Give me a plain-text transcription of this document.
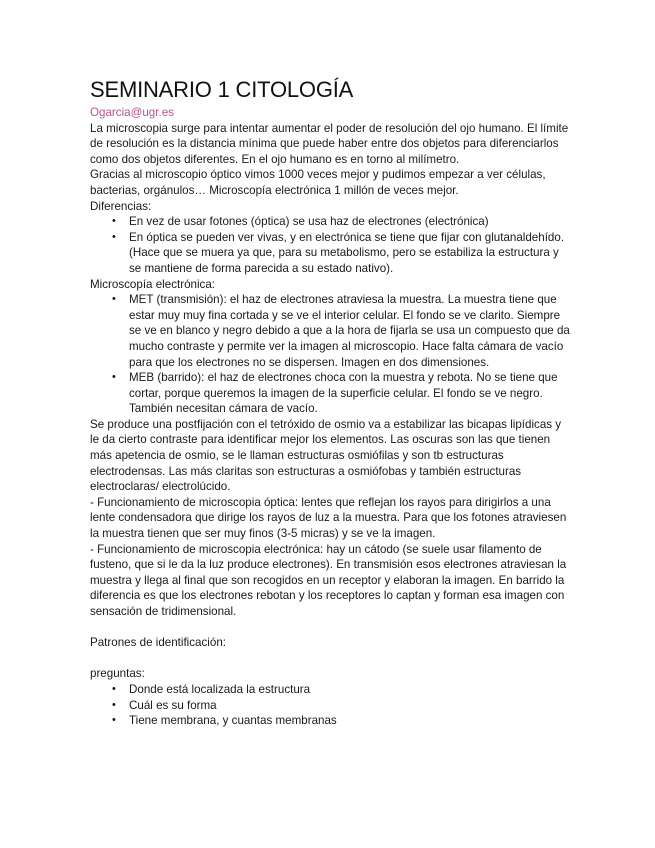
SEMINARIO 1 CITOLOGÍA

Ogarcia@ugr.es

La microscopia surge para intentar aumentar el poder de resolución del ojo humano. El límite de resolución es la distancia mínima que puede haber entre dos objetos para diferenciarlos como dos objetos diferentes. En el ojo humano es en torno al milímetro.

Gracias al microscopio óptico vimos 1000 veces mejor y pudimos empezar a ver células, bacterias, orgánulos… Microscopía electrónica 1 millón de veces mejor.

Diferencias:

• En vez de usar fotones (óptica) se usa haz de electrones (electrónica)
• En óptica se pueden ver vivas, y en electrónica se tiene que fijar con glutanaldehído. (Hace que se muera ya que, para su metabolismo, pero se estabiliza la estructura y se mantiene de forma parecida a su estado nativo).

Microscopía electrónica:

• MET (transmisión): el haz de electrones atraviesa la muestra. La muestra tiene que estar muy muy fina cortada y se ve el interior celular. El fondo se ve clarito. Siempre se ve en blanco y negro debido a que a la hora de fijarla se usa un compuesto que da mucho contraste y permite ver la imagen al microscopio. Hace falta cámara de vacío para que los electrones no se dispersen. Imagen en dos dimensiones.
• MEB (barrido): el haz de electrones choca con la muestra y rebota. No se tiene que cortar, porque queremos la imagen de la superficie celular. El fondo se ve negro. También necesitan cámara de vacío.

Se produce una postfijación con el tetróxido de osmio va a estabilizar las bicapas lipídicas y le da cierto contraste para identificar mejor los elementos. Las oscuras son las que tienen más apetencia de osmio, se le llaman estructuras osmiófilas y son tb estructuras electrodensas. Las más claritas son estructuras a osmiófobas y también estructuras electroclaras/ electrolúcido.

- Funcionamiento de microscopia óptica: lentes que reflejan los rayos para dirigirlos a una lente condensadora que dirige los rayos de luz a la muestra. Para que los fotones atraviesen la muestra tienen que ser muy finos (3-5 micras) y se ve la imagen.

- Funcionamiento de microscopia electrónica: hay un cátodo (se suele usar filamento de fusteno, que si le da la luz produce electrones). En transmisión esos electrones atraviesan la muestra y llega al final que son recogidos en un receptor y elaboran la imagen. En barrido la diferencia es que los electrones rebotan y los receptores lo captan y forman esa imagen con sensación de tridimensional.

Patrones de identificación:

preguntas:

• Donde está localizada la estructura
• Cuál es su forma
• Tiene membrana, y cuantas membranas
